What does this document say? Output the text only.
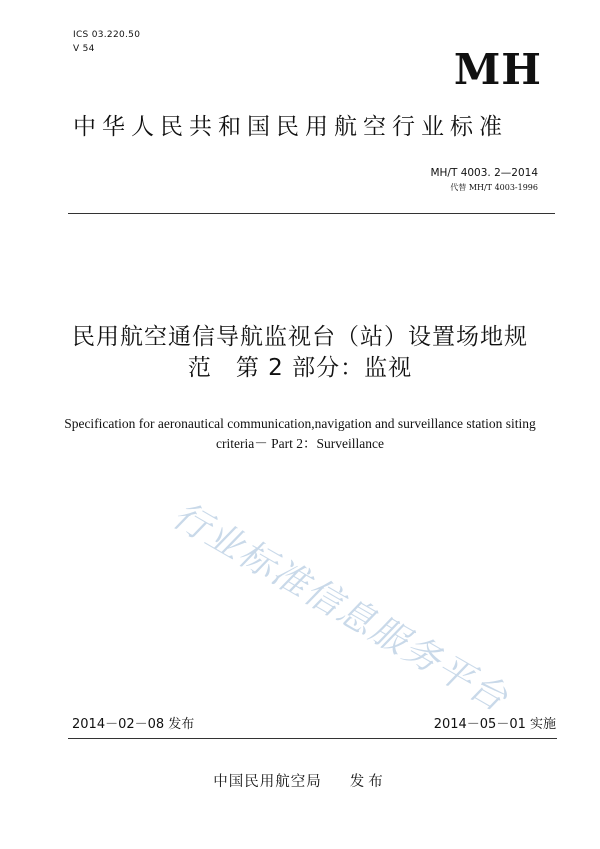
ICS 03.220.50
V 54	MH
中华人民共和国民用航空行业标准
MH/T 4003. 2—2014
代替 MH/T 4003-1996
民用航空通信导航监视台（站）设置场地规
范　第 2 部分：监视
Specification for aeronautical communication,navigation and surveillance station siting
criteria－ Part 2：Surveillance
行业标准信息服务平台
2014－02－08 发布	2014－05－01 实施
中国民用航空局 发布
